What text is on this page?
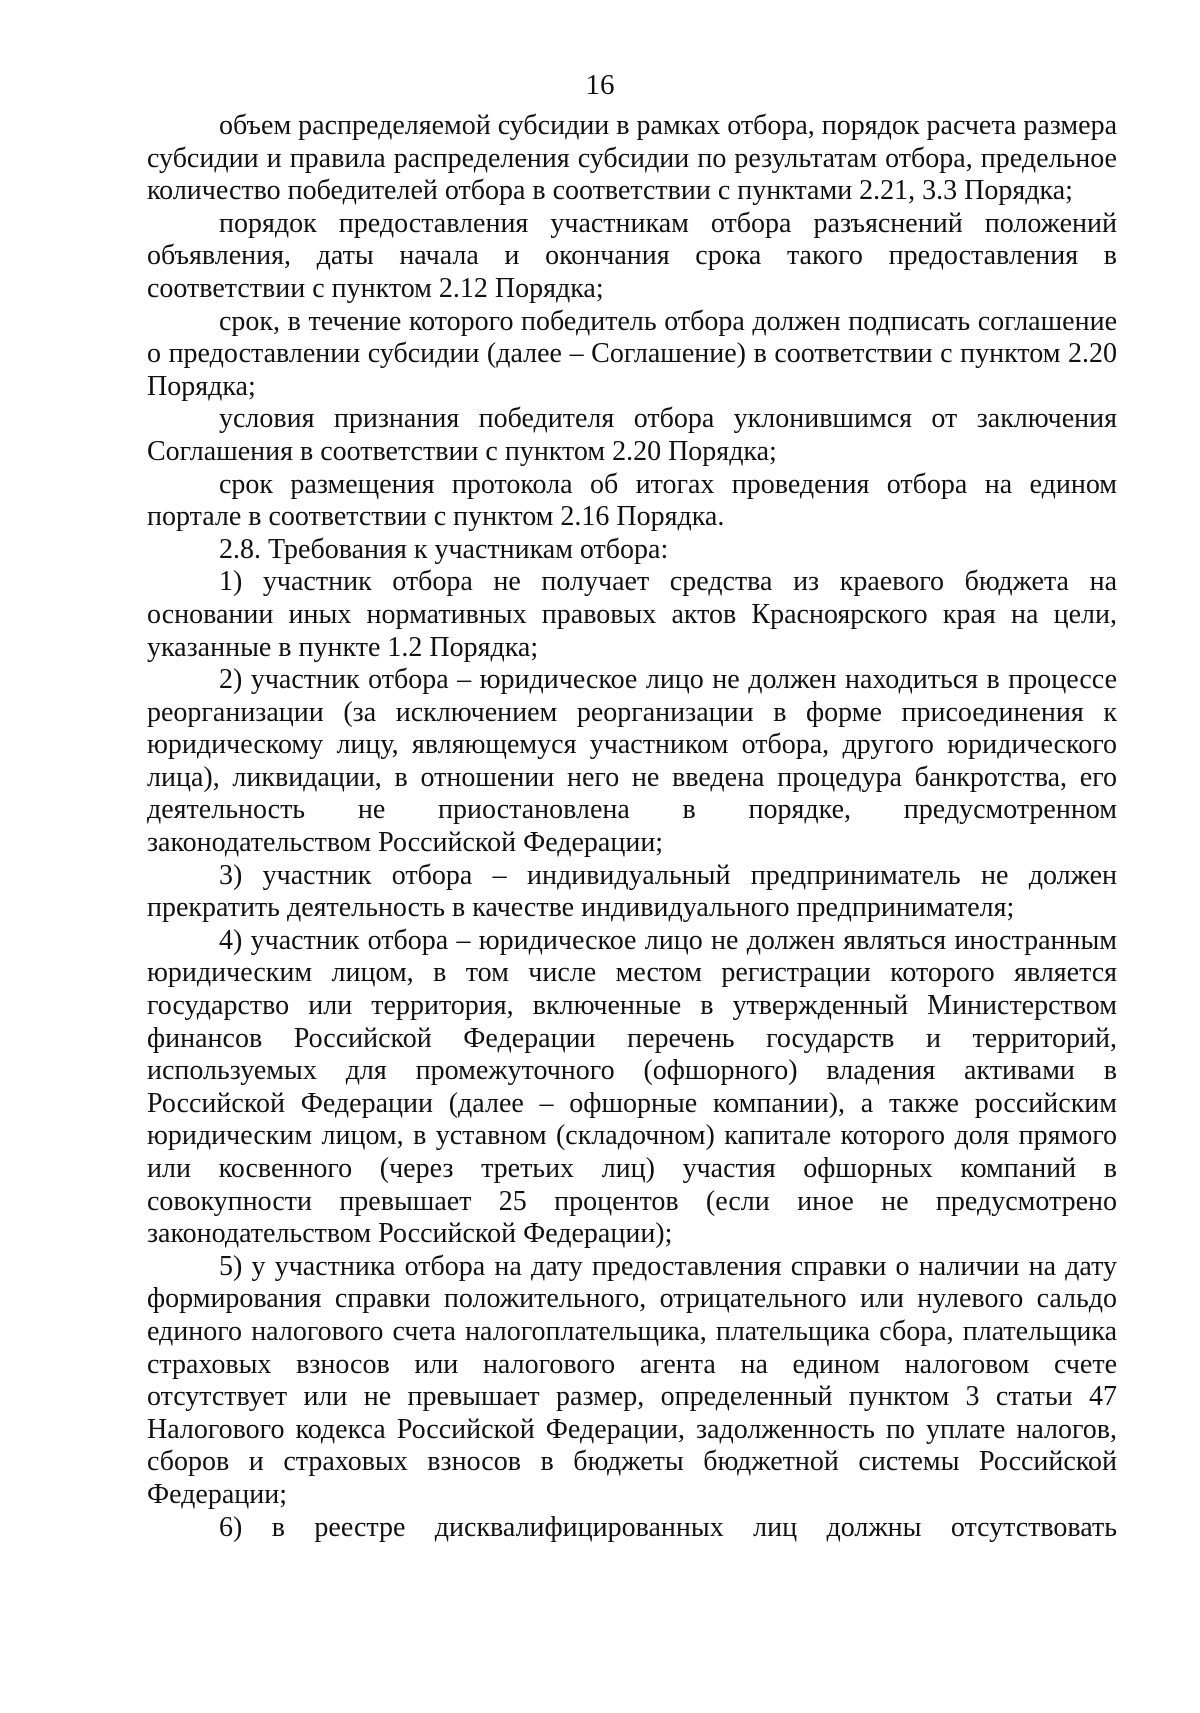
16

объем распределяемой субсидии в рамках отбора, порядок расчета размера субсидии и правила распределения субсидии по результатам отбора, предельное количество победителей отбора в соответствии с пунктами 2.21, 3.3 Порядка;

порядок предоставления участникам отбора разъяснений положений объявления, даты начала и окончания срока такого предоставления в соответствии с пунктом 2.12 Порядка;

срок, в течение которого победитель отбора должен подписать соглашение о предоставлении субсидии (далее – Соглашение) в соответствии с пунктом 2.20 Порядка;

условия признания победителя отбора уклонившимся от заключения Соглашения в соответствии с пунктом 2.20 Порядка;

срок размещения протокола об итогах проведения отбора на едином портале в соответствии с пунктом 2.16 Порядка.

2.8. Требования к участникам отбора:

1) участник отбора не получает средства из краевого бюджета на основании иных нормативных правовых актов Красноярского края на цели, указанные в пункте 1.2 Порядка;

2) участник отбора – юридическое лицо не должен находиться в процессе реорганизации (за исключением реорганизации в форме присоединения к юридическому лицу, являющемуся участником отбора, другого юридического лица), ликвидации, в отношении него не введена процедура банкротства, его деятельность не приостановлена в порядке, предусмотренном законодательством Российской Федерации;

3) участник отбора – индивидуальный предприниматель не должен прекратить деятельность в качестве индивидуального предпринимателя;

4) участник отбора – юридическое лицо не должен являться иностранным юридическим лицом, в том числе местом регистрации которого является государство или территория, включенные в утвержденный Министерством финансов Российской Федерации перечень государств и территорий, используемых для промежуточного (офшорного) владения активами в Российской Федерации (далее – офшорные компании), а также российским юридическим лицом, в уставном (складочном) капитале которого доля прямого или косвенного (через третьих лиц) участия офшорных компаний в совокупности превышает 25 процентов (если иное не предусмотрено законодательством Российской Федерации);

5) у участника отбора на дату предоставления справки о наличии на дату формирования справки положительного, отрицательного или нулевого сальдо единого налогового счета налогоплательщика, плательщика сбора, плательщика страховых взносов или налогового агента на едином налоговом счете отсутствует или не превышает размер, определенный пунктом 3 статьи 47 Налогового кодекса Российской Федерации, задолженность по уплате налогов, сборов и страховых взносов в бюджеты бюджетной системы Российской Федерации;

6) в реестре дисквалифицированных лиц должны отсутствовать
